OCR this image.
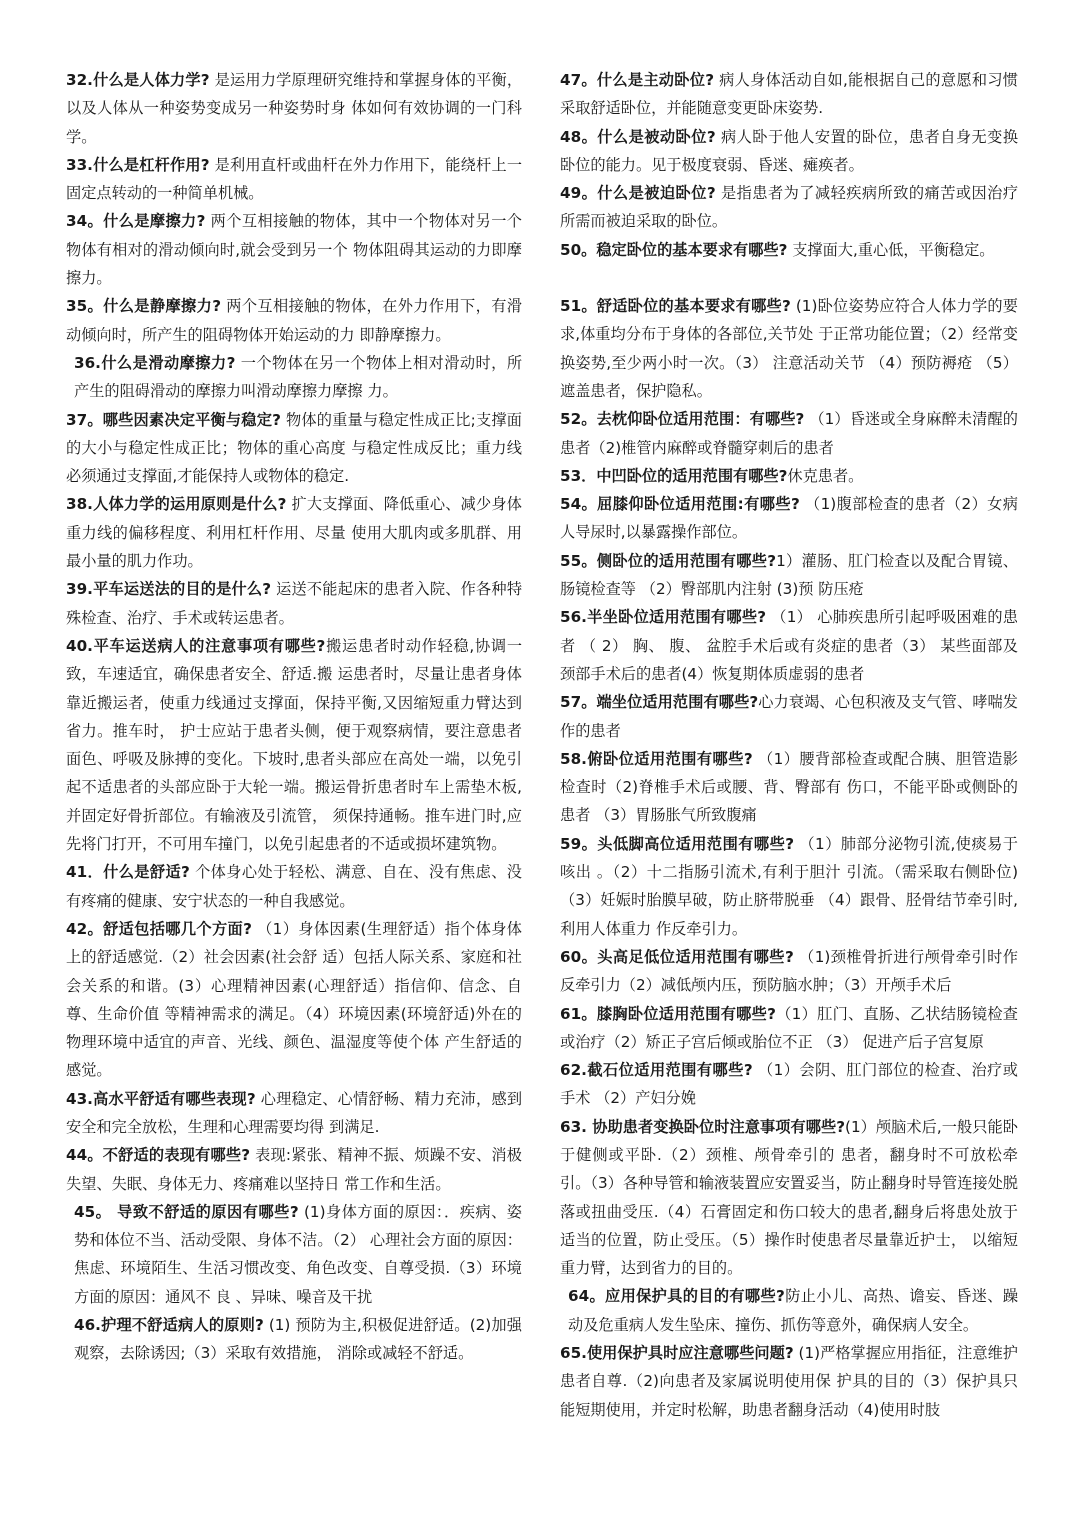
32.什么是人体力学? 是运用力学原理研究维持和掌握身体的平衡，以及人体从一种姿势变成另一种姿势时身 体如何有效协调的一门科学。

33.什么是杠杆作用? 是利用直杆或曲杆在外力作用下，能绕杆上一固定点转动的一种简单机械。

34。什么是摩擦力? 两个互相接触的物体，其中一个物体对另一个物体有相对的滑动倾向时,就会受到另一个 物体阻碍其运动的力即摩擦力。

35。什么是静摩擦力? 两个互相接触的物体，在外力作用下，有滑动倾向时，所产生的阻碍物体开始运动的力 即静摩擦力。

36.什么是滑动摩擦力? 一个物体在另一个物体上相对滑动时，所产生的阻碍滑动的摩擦力叫滑动摩擦力摩擦 力。

37。哪些因素决定平衡与稳定? 物体的重量与稳定性成正比;支撑面的大小与稳定性成正比；物体的重心高度 与稳定性成反比；重力线必须通过支撑面,才能保持人或物体的稳定.

38.人体力学的运用原则是什么? 扩大支撑面、降低重心、减少身体重力线的偏移程度、利用杠杆作用、尽量 使用大肌肉或多肌群、用最小量的肌力作功。

39.平车运送法的目的是什么? 运送不能起床的患者入院、作各种特殊检查、治疗、手术或转运患者。

40.平车运送病人的注意事项有哪些?搬运患者时动作轻稳,协调一致，车速适宜，确保患者安全、舒适.搬 运患者时，尽量让患者身体靠近搬运者，使重力线通过支撑面，保持平衡,又因缩短重力臂达到省力。推车时， 护士应站于患者头侧，便于观察病情，要注意患者面色、呼吸及脉搏的变化。下坡时,患者头部应在高处一端，以免引起不适患者的头部应卧于大轮一端。搬运骨折患者时车上需垫木板,并固定好骨折部位。有输液及引流管， 须保持通畅。推车进门时,应先将门打开，不可用车撞门，以免引起患者的不适或损坏建筑物。

41．什么是舒适? 个体身心处于轻松、满意、自在、没有焦虑、没有疼痛的健康、安宁状态的一种自我感觉。

42。舒适包括哪几个方面? （1）身体因素(生理舒适）指个体身体上的舒适感觉.（2）社会因素(社会舒 适）包括人际关系、家庭和社会关系的和谐。(3）心理精神因素(心理舒适）指信仰、信念、自尊、生命价值 等精神需求的满足。（4）环境因素(环境舒适)外在的物理环境中适宜的声音、光线、颜色、温湿度等使个体 产生舒适的感觉。

43.高水平舒适有哪些表现? 心理稳定、心情舒畅、精力充沛，感到安全和完全放松，生理和心理需要均得 到满足.

44。不舒适的表现有哪些? 表现:紧张、精神不振、烦躁不安、消极失望、失眠、身体无力、疼痛难以坚持日 常工作和生活。

45。 导致不舒适的原因有哪些? (1)身体方面的原因：．疾病、姿势和体位不当、活动受限、身体不洁。（2） 心理社会方面的原因：焦虑、环境陌生、生活习惯改变、角色改变、自尊受损.（3）环境方面的原因：通风不 良 、异味、噪音及干扰

46.护理不舒适病人的原则? (1) 预防为主,积极促进舒适。(2)加强观察，去除诱因;（3）采取有效措施， 消除或减轻不舒适。

47。什么是主动卧位? 病人身体活动自如,能根据自己的意愿和习惯采取舒适卧位，并能随意变更卧床姿势.

48。什么是被动卧位? 病人卧于他人安置的卧位，患者自身无变换卧位的能力。见于极度衰弱、昏迷、瘫痪者。

49。什么是被迫卧位? 是指患者为了减轻疾病所致的痛苦或因治疗所需而被迫采取的卧位。

50。稳定卧位的基本要求有哪些? 支撑面大,重心低，平衡稳定。

51。舒适卧位的基本要求有哪些? (1)卧位姿势应符合人体力学的要求,体重均分布于身体的各部位,关节处 于正常功能位置；（2）经常变换姿势,至少两小时一次。（3） 注意活动关节 （4）预防褥疮 （5）遮盖患者，保护隐私。

52。去枕仰卧位适用范围：有哪些? （1）昏迷或全身麻醉未清醒的患者（2)椎管内麻醉或脊髓穿刺后的患者

53．中凹卧位的适用范围有哪些?休克患者。

54。屈膝仰卧位适用范围:有哪些? （1)腹部检查的患者（2）女病人导尿时,以暴露操作部位。

55。侧卧位的适用范围有哪些?1）灌肠、肛门检查以及配合胃镜、肠镜检查等 （2）臀部肌内注射 (3)预 防压疮

56.半坐卧位适用范围有哪些? （1） 心肺疾患所引起呼吸困难的患者 （ 2） 胸、 腹、 盆腔手术后或有炎症的患者（3） 某些面部及颈部手术后的患者(4）恢复期体质虚弱的患者

57。端坐位适用范围有哪些?心力衰竭、心包积液及支气管、哮喘发作的患者

58.俯卧位适用范围有哪些? （1）腰背部检查或配合胰、胆管造影检查时（2)脊椎手术后或腰、背、臀部有 伤口，不能平卧或侧卧的患者 （3）胃肠胀气所致腹痛

59。头低脚高位适用范围有哪些? （1）肺部分泌物引流,使痰易于咳出 。（2）十二指肠引流术,有利于胆汁 引流。（需采取右侧卧位)（3）妊娠时胎膜早破，防止脐带脱垂 （4）跟骨、胫骨结节牵引时,利用人体重力 作反牵引力。

60。头高足低位适用范围有哪些? （1)颈椎骨折进行颅骨牵引时作反牵引力（2）减低颅内压，预防脑水肿；（3）开颅手术后

61。膝胸卧位适用范围有哪些?（1）肛门、直肠、乙状结肠镜检查或治疗（2）矫正子宫后倾或胎位不正 （3） 促进产后子宫复原

62.截石位适用范围有哪些? （1）会阴、肛门部位的检查、治疗或手术 （2）产妇分娩

63. 协助患者变换卧位时注意事项有哪些?(1）颅脑术后,一般只能卧于健侧或平卧.（2）颈椎、颅骨牵引的 患者，翻身时不可放松牵引。（3）各种导管和输液装置应安置妥当，防止翻身时导管连接处脱落或扭曲受压.（4）石膏固定和伤口较大的患者,翻身后将患处放于适当的位置，防止受压。（5）操作时使患者尽量靠近护士， 以缩短重力臂，达到省力的目的。

64。应用保护具的目的有哪些?防止小儿、高热、谵妄、昏迷、躁动及危重病人发生坠床、撞伤、抓伤等意外，确保病人安全。

65.使用保护具时应注意哪些问题? (1)严格掌握应用指征，注意维护患者自尊.（2)向患者及家属说明使用保 护具的目的（3）保护具只能短期使用，并定时松解，助患者翻身活动（4)使用时肢
